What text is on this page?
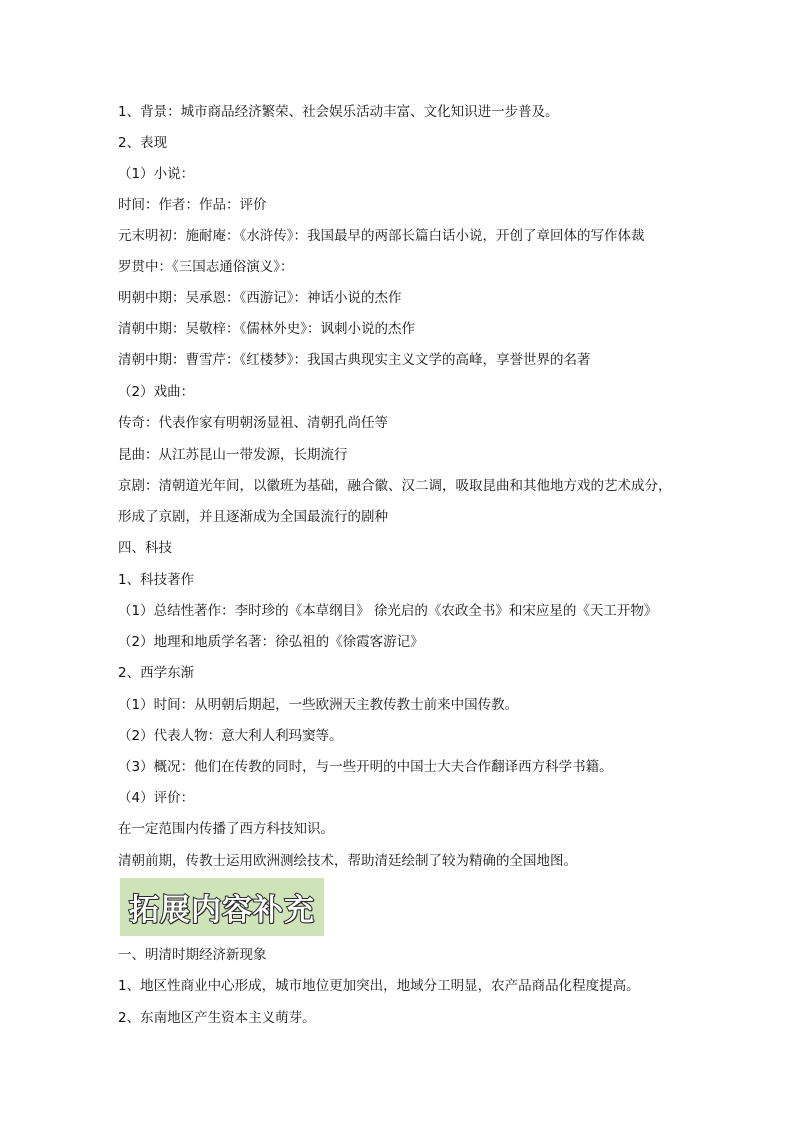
1、背景：城市商品经济繁荣、社会娱乐活动丰富、文化知识进一步普及。
2、表现
（1）小说：
时间：作者：作品：评价
元末明初：施耐庵：《水浒传》：我国最早的两部长篇白话小说，开创了章回体的写作体裁
罗贯中：《三国志通俗演义》：
明朝中期：吴承恩：《西游记》：神话小说的杰作
清朝中期：吴敬梓：《儒林外史》：讽刺小说的杰作
清朝中期：曹雪芹：《红楼梦》：我国古典现实主义文学的高峰，享誉世界的名著
（2）戏曲：
传奇：代表作家有明朝汤显祖、清朝孔尚任等
昆曲：从江苏昆山一带发源，长期流行
京剧：清朝道光年间，以徽班为基础，融合徽、汉二调，吸取昆曲和其他地方戏的艺术成分，
形成了京剧，并且逐渐成为全国最流行的剧种
四、科技
1、科技著作
（1）总结性著作：李时珍的《本草纲目》 徐光启的《农政全书》和宋应星的《天工开物》
（2）地理和地质学名著：徐弘祖的《徐霞客游记》
2、西学东渐
（1）时间：从明朝后期起，一些欧洲天主教传教士前来中国传教。
（2）代表人物：意大利人利玛窦等。
（3）概况：他们在传教的同时，与一些开明的中国士大夫合作翻译西方科学书籍。
（4）评价：
在一定范围内传播了西方科技知识。
清朝前期，传教士运用欧洲测绘技术，帮助清廷绘制了较为精确的全国地图。
拓展内容补充
一、明清时期经济新现象
1、地区性商业中心形成，城市地位更加突出，地域分工明显，农产品商品化程度提高。
2、东南地区产生资本主义萌芽。
